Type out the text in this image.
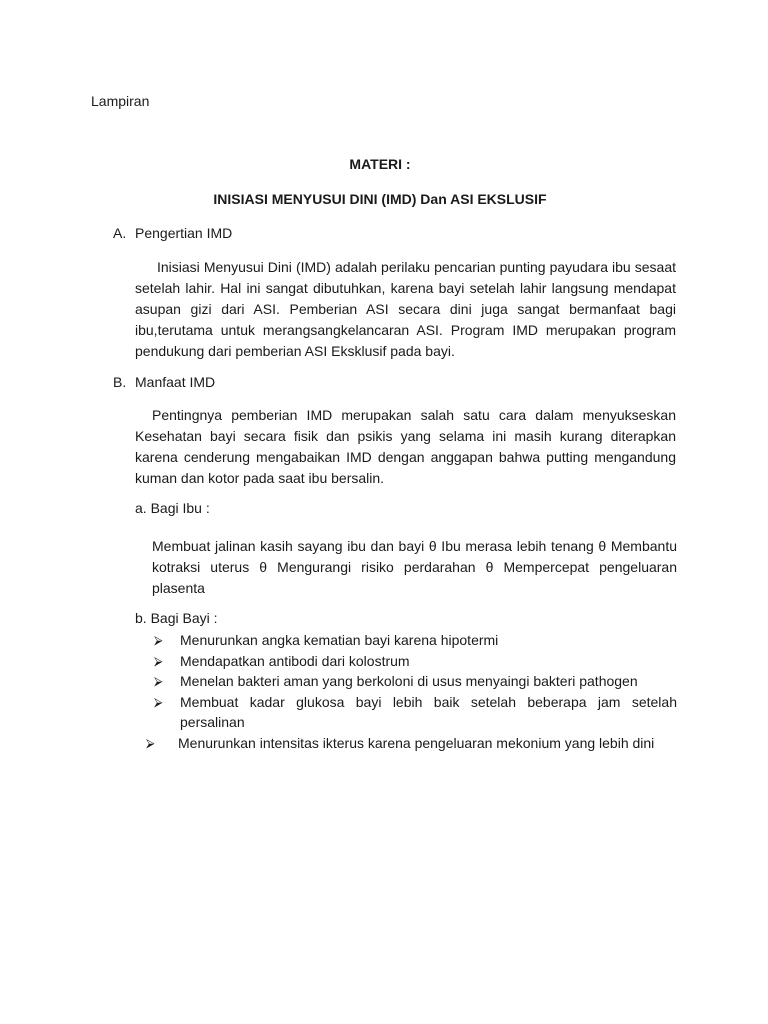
Lampiran

MATERI :

INISIASI MENYUSUI DINI (IMD) Dan ASI EKSLUSIF

A. Pengertian IMD

Inisiasi Menyusui Dini (IMD) adalah perilaku pencarian punting payudara ibu sesaat setelah lahir. Hal ini sangat dibutuhkan, karena bayi setelah lahir langsung mendapat asupan gizi dari ASI. Pemberian ASI secara dini juga sangat bermanfaat bagi ibu,terutama untuk merangsangkelancaran ASI. Program IMD merupakan program pendukung dari pemberian ASI Eksklusif pada bayi.

B. Manfaat IMD

Pentingnya pemberian IMD merupakan salah satu cara dalam menyukseskan Kesehatan bayi secara fisik dan psikis yang selama ini masih kurang diterapkan karena cenderung mengabaikan IMD dengan anggapan bahwa putting mengandung kuman dan kotor pada saat ibu bersalin.

a. Bagi Ibu :

Membuat jalinan kasih sayang ibu dan bayi θ Ibu merasa lebih tenang θ Membantu kotraksi uterus θ Mengurangi risiko perdarahan θ Mempercepat pengeluaran plasenta

b. Bagi Bayi :

⮚ Menurunkan angka kematian bayi karena hipotermi
⮚ Mendapatkan antibodi dari kolostrum
⮚ Menelan bakteri aman yang berkoloni di usus menyaingi bakteri pathogen
⮚ Membuat kadar glukosa bayi lebih baik setelah beberapa jam setelah persalinan
⮚ Menurunkan intensitas ikterus karena pengeluaran mekonium yang lebih dini
